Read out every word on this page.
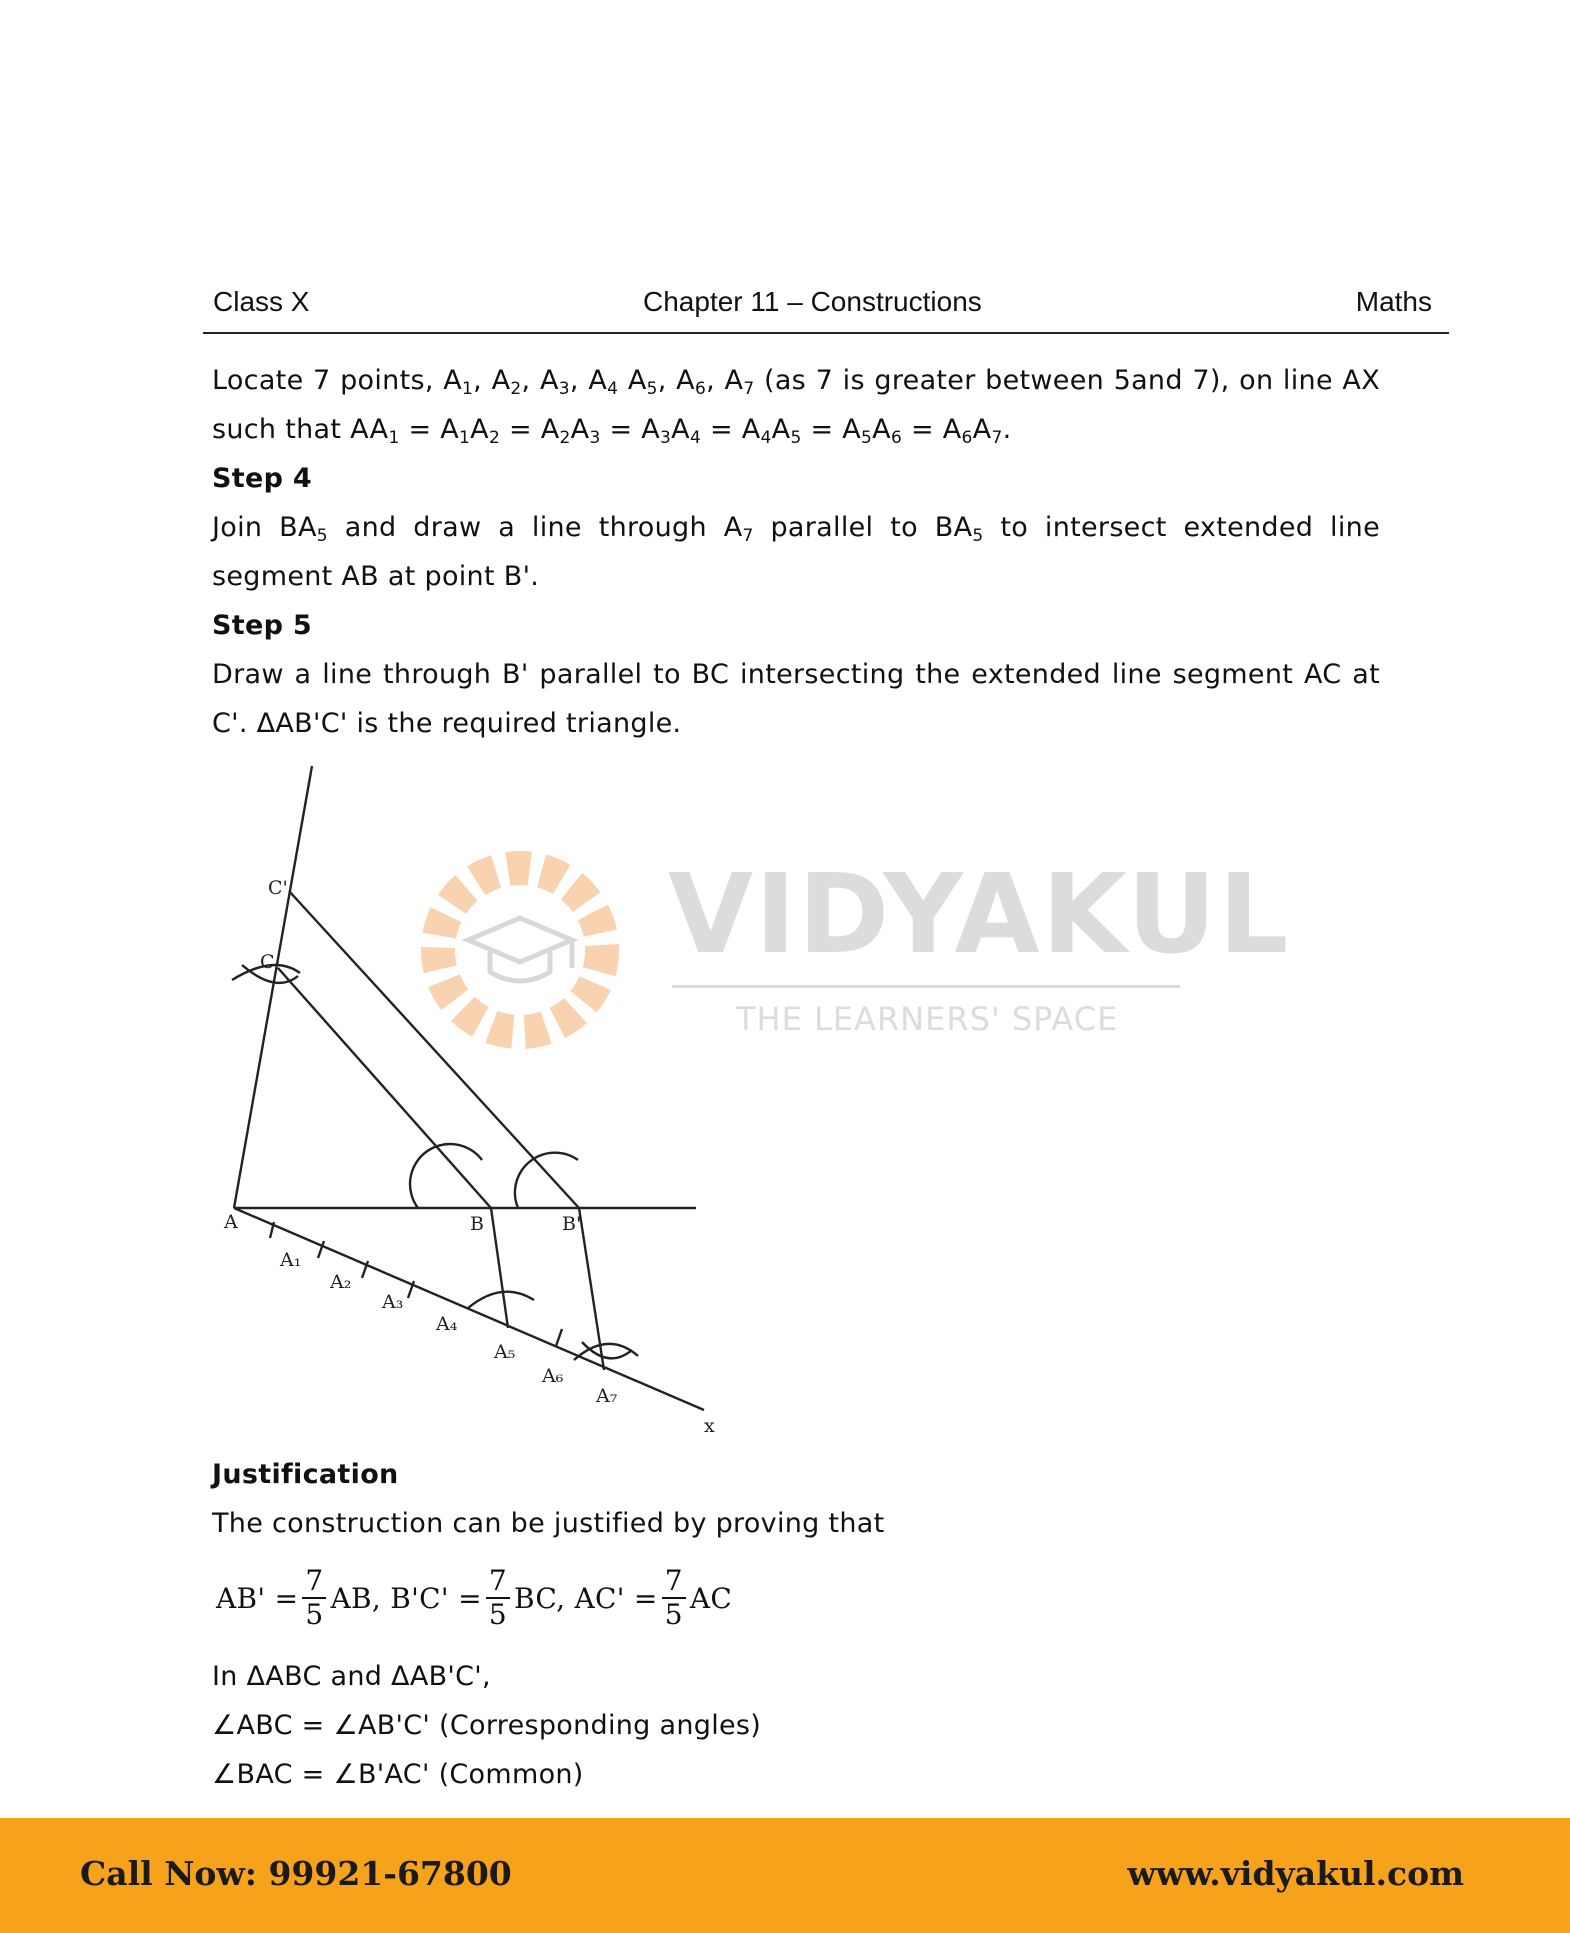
Class X	Chapter 11 – Constructions	Maths

Locate 7 points, $A_1$, $A_2$, $A_3$, $A_4$ $A_5$, $A_6$, $A_7$ (as 7 is greater between 5and 7), on line AX

such that $AA_1 = A_1A_2 = A_2A_3 = A_3A_4 = A_4A_5 = A_5A_6 = A_6A_7$.

Step 4

Join $BA_5$ and draw a line through $A_7$ parallel to $BA_5$ to intersect extended line

segment AB at point B'.

Step 5

Draw a line through B' parallel to BC intersecting the extended line segment AC at

C'. ΔAB'C' is the required triangle.

VIDYAKUL
THE LEARNERS' SPACE
C'
C
A	B	B'
x
A₁
A₂
A₃
A₄
A₅
A₆
A₇

Justification

The construction can be justified by proving that

$AB' = \frac{7}{5}$ AB, $B'C' = \frac{7}{5}$ BC, $AC' = \frac{7}{5}$ AC

In ΔABC and ΔAB'C',

∠ABC = ∠AB'C' (Corresponding angles)

∠BAC = ∠B'AC' (Common)

Call Now: 99921-67800	www.vidyakul.com
